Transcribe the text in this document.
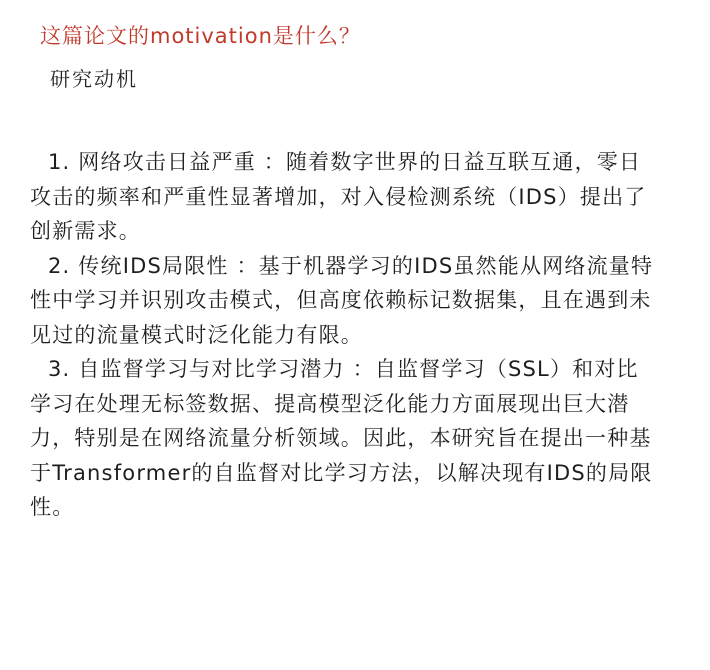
这篇论文的motivation是什么？
研究动机

1. 网络攻击日益严重 ：随着数字世界的日益互联互通，零日攻击的频率和严重性显著增加，对入侵检测系统（IDS）提出了创新需求。

2. 传统IDS局限性 ：基于机器学习的IDS虽然能从网络流量特性中学习并识别攻击模式，但高度依赖标记数据集，且在遇到未见过的流量模式时泛化能力有限。

3. 自监督学习与对比学习潜力 ：自监督学习（SSL）和对比学习在处理无标签数据、提高模型泛化能力方面展现出巨大潜力，特别是在网络流量分析领域。因此，本研究旨在提出一种基于Transformer的自监督对比学习方法，以解决现有IDS的局限性。
